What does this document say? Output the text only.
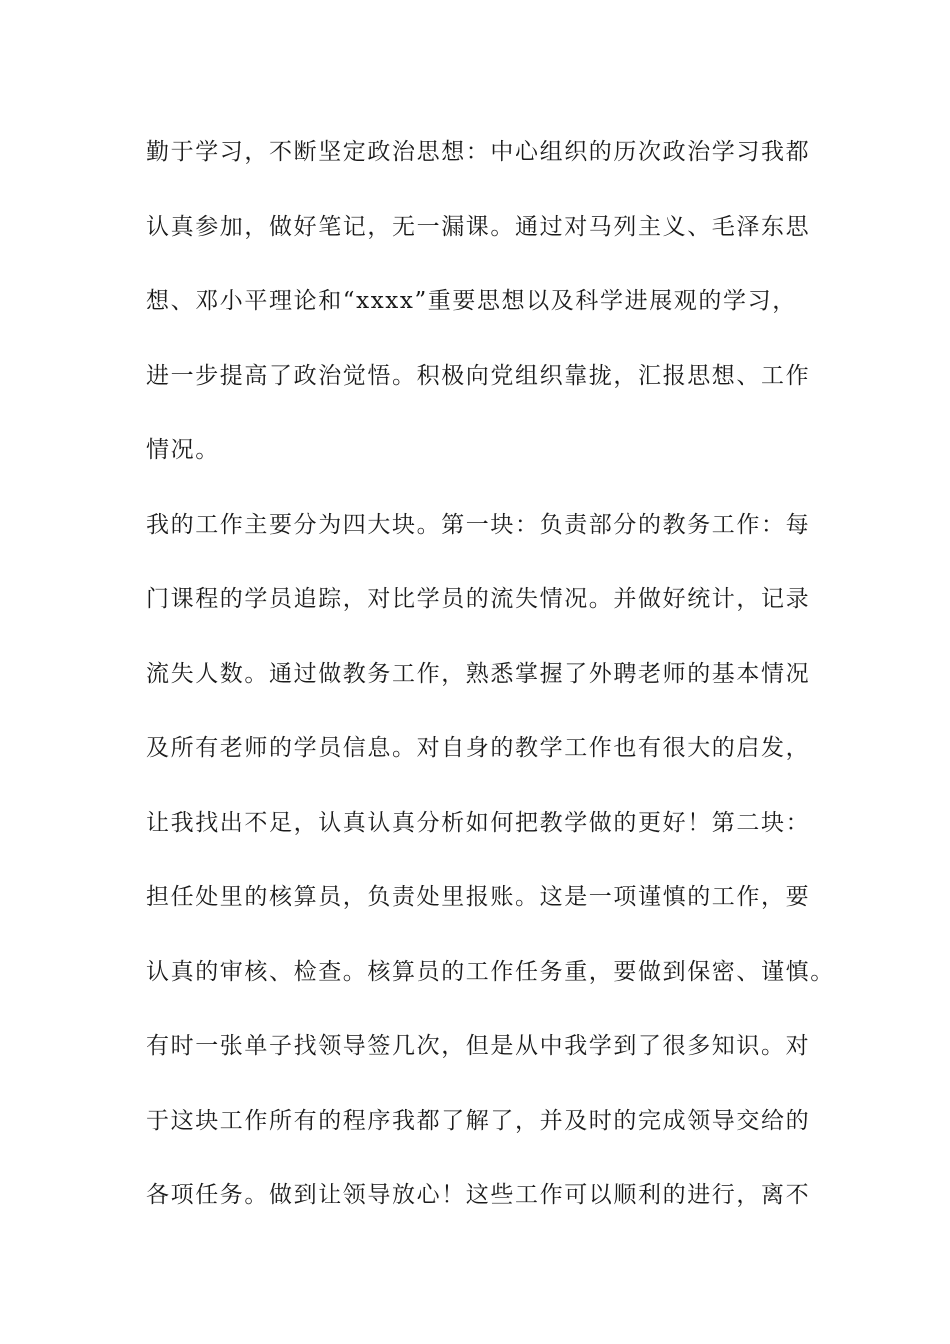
勤于学习，不断坚定政治思想：中心组织的历次政治学习我都
认真参加，做好笔记，无一漏课。通过对马列主义、毛泽东思
想、邓小平理论和“xxxx”重要思想以及科学进展观的学习，
进一步提高了政治觉悟。积极向党组织靠拢，汇报思想、工作
情况。
我的工作主要分为四大块。第一块：负责部分的教务工作：每
门课程的学员追踪，对比学员的流失情况。并做好统计，记录
流失人数。通过做教务工作，熟悉掌握了外聘老师的基本情况
及所有老师的学员信息。对自身的教学工作也有很大的启发，
让我找出不足，认真认真分析如何把教学做的更好！第二块：
担任处里的核算员，负责处里报账。这是一项谨慎的工作，要
认真的审核、检查。核算员的工作任务重，要做到保密、谨慎。
有时一张单子找领导签几次，但是从中我学到了很多知识。对
于这块工作所有的程序我都了解了，并及时的完成领导交给的
各项任务。做到让领导放心！这些工作可以顺利的进行，离不
